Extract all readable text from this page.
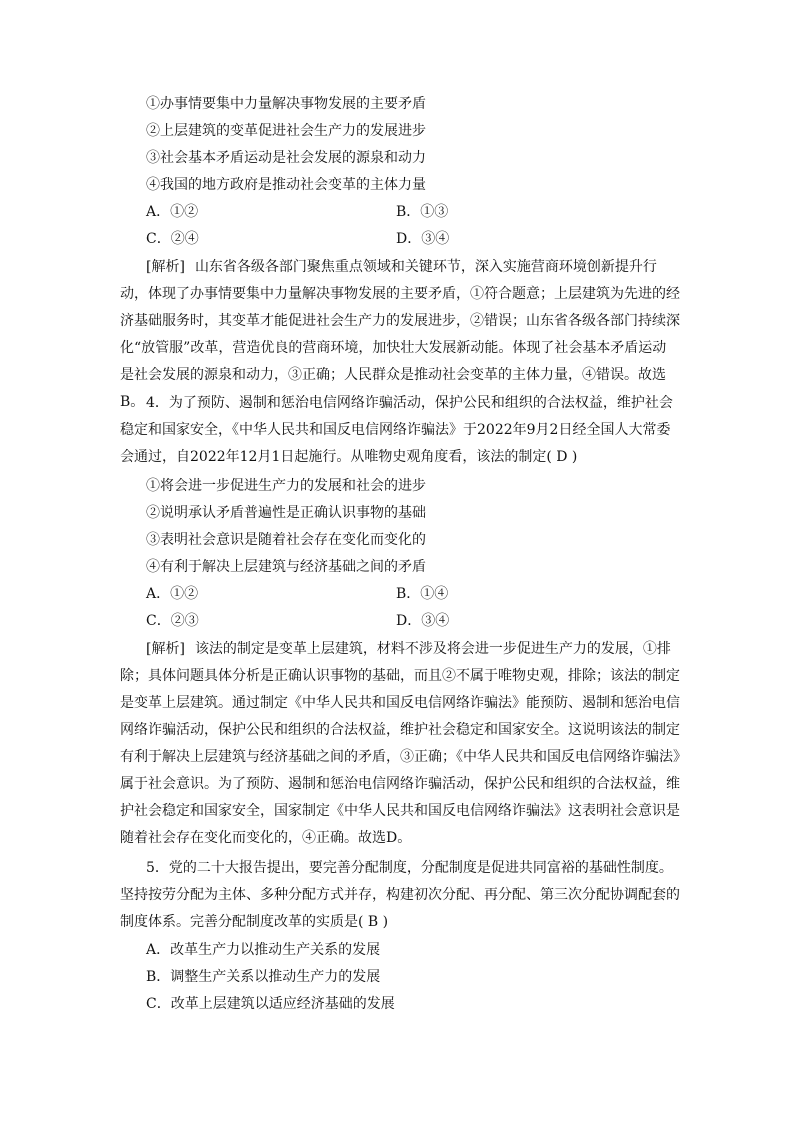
①办事情要集中力量解决事物发展的主要矛盾
②上层建筑的变革促进社会生产力的发展进步
③社会基本矛盾运动是社会发展的源泉和动力
④我国的地方政府是推动社会变革的主体力量
A．①②	B．①③
C．②④	D．③④
[解析] 山东省各级各部门聚焦重点领域和关键环节，深入实施营商环境创新提升行动，体现了办事情要集中力量解决事物发展的主要矛盾，①符合题意；上层建筑为先进的经济基础服务时，其变革才能促进社会生产力的发展进步，②错误；山东省各级各部门持续深化“放管服”改革，营造优良的营商环境，加快壮大发展新动能。体现了社会基本矛盾运动是社会发展的源泉和动力，③正确；人民群众是推动社会变革的主体力量，④错误。故选B。 4．为了预防、遏制和惩治电信网络诈骗活动，保护公民和组织的合法权益，维护社会稳定和国家安全，《中华人民共和国反电信网络诈骗法》于2022年9月2日经全国人大常委会通过，自2022年12月1日起施行。从唯物史观角度看，该法的制定( D )
①将会进一步促进生产力的发展和社会的进步
②说明承认矛盾普遍性是正确认识事物的基础
③表明社会意识是随着社会存在变化而变化的
④有利于解决上层建筑与经济基础之间的矛盾
A．①②	B．①④
C．②③	D．③④
[解析] 该法的制定是变革上层建筑，材料不涉及将会进一步促进生产力的发展，①排除；具体问题具体分析是正确认识事物的基础，而且②不属于唯物史观，排除；该法的制定是变革上层建筑。通过制定《中华人民共和国反电信网络诈骗法》能预防、遏制和惩治电信网络诈骗活动，保护公民和组织的合法权益，维护社会稳定和国家安全。这说明该法的制定有利于解决上层建筑与经济基础之间的矛盾，③正确；《中华人民共和国反电信网络诈骗法》属于社会意识。为了预防、遏制和惩治电信网络诈骗活动，保护公民和组织的合法权益，维护社会稳定和国家安全，国家制定《中华人民共和国反电信网络诈骗法》这表明社会意识是随着社会存在变化而变化的，④正确。故选D。
5．党的二十大报告提出，要完善分配制度，分配制度是促进共同富裕的基础性制度。坚持按劳分配为主体、多种分配方式并存，构建初次分配、再分配、第三次分配协调配套的制度体系。完善分配制度改革的实质是( B )
A．改革生产力以推动生产关系的发展
B．调整生产关系以推动生产力的发展
C．改革上层建筑以适应经济基础的发展
